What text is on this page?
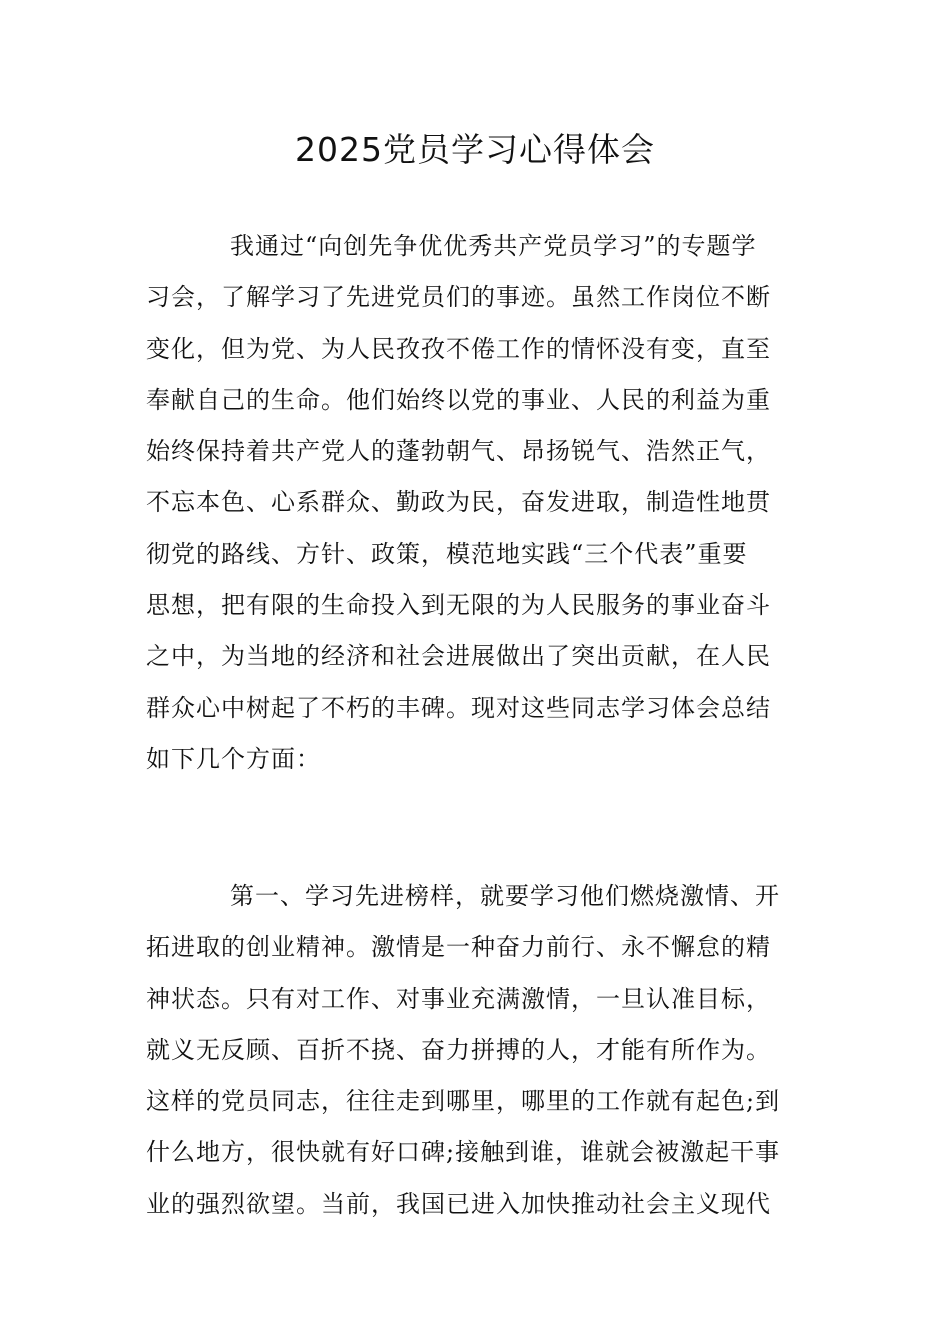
2025党员学习心得体会
我通过“向创先争优优秀共产党员学习”的专题学
习会，了解学习了先进党员们的事迹。虽然工作岗位不断
变化，但为党、为人民孜孜不倦工作的情怀没有变，直至
奉献自己的生命。他们始终以党的事业、人民的利益为重
始终保持着共产党人的蓬勃朝气、昂扬锐气、浩然正气，
不忘本色、心系群众、勤政为民，奋发进取，制造性地贯
彻党的路线、方针、政策，模范地实践“三个代表”重要
思想，把有限的生命投入到无限的为人民服务的事业奋斗
之中，为当地的经济和社会进展做出了突出贡献，在人民
群众心中树起了不朽的丰碑。现对这些同志学习体会总结
如下几个方面：
第一、学习先进榜样，就要学习他们燃烧激情、开
拓进取的创业精神。激情是一种奋力前行、永不懈怠的精
神状态。只有对工作、对事业充满激情，一旦认准目标，
就义无反顾、百折不挠、奋力拼搏的人，才能有所作为。
这样的党员同志，往往走到哪里，哪里的工作就有起色;到
什么地方，很快就有好口碑;接触到谁，谁就会被激起干事
业的强烈欲望。当前，我国已进入加快推动社会主义现代
